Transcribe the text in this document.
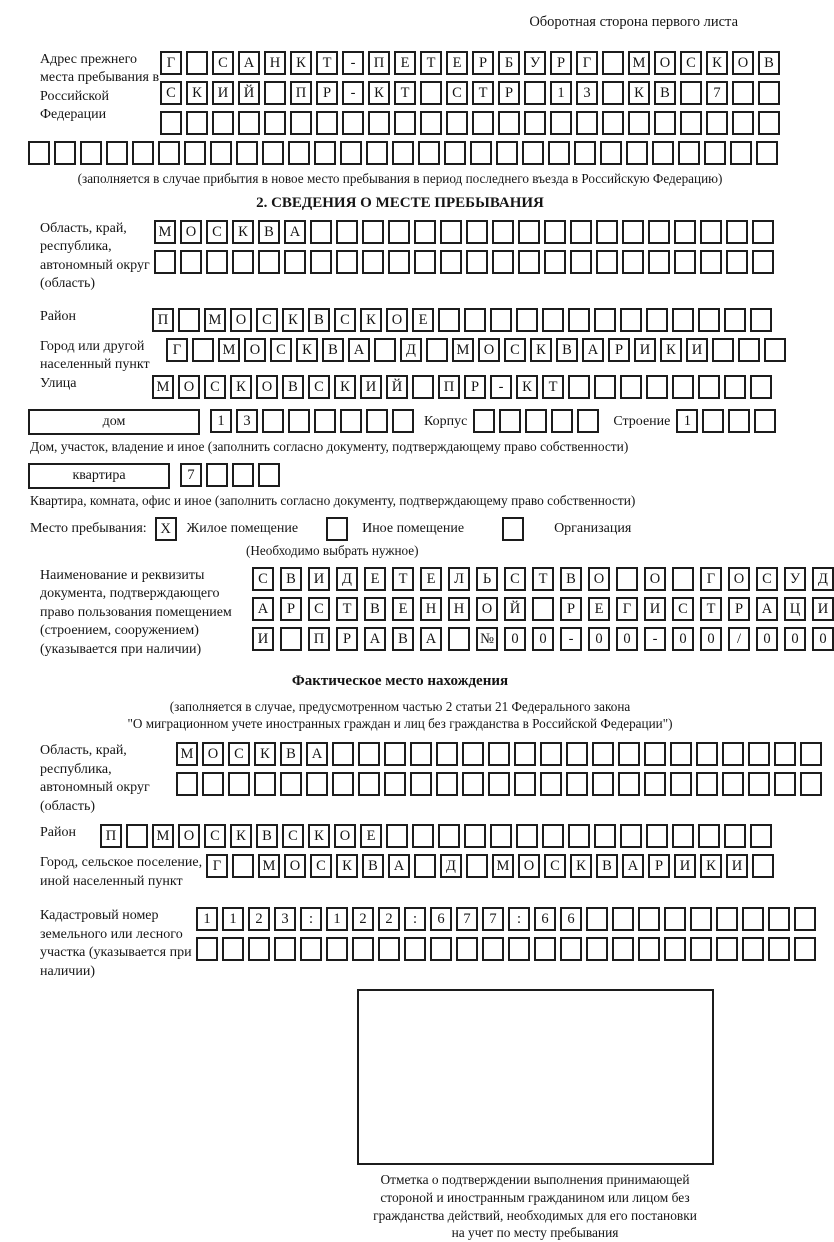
Оборотная сторона первого листа
Адрес прежнего места пребывания в Российской Федерации
Г	С	А	Н	К	Т	-	П	Е	Т	Е	Р	Б	У	Р	Г	М О	С	К	О	В
С	К	И	Й	П	Р	-	К	Т	С	Т	Р	1	3	К	В	7
(заполняется в случае прибытия в новое место пребывания в период последнего въезда в Российскую Федерацию)
2. СВЕДЕНИЯ О МЕСТЕ ПРЕБЫВАНИЯ
Область, край, республика, автономный округ (область)
М О	С	К	В	А
Район	П	М О	С	К	В	С	К	О	Е
Город или другой населенный пункт
Г	М О	С	К	В	А	Д	М О	С	К	В	А	Р	И	К	И
Улица	М О	С	К	О	В	С	К	И	Й	П	Р	-	К	Т
дом	1	3	Корпус	Строение 1
Дом, участок, владение и иное (заполнить согласно документу, подтверждающему право собственности)
квартира	7
Квартира, комната, офис и иное (заполнить согласно документу, подтверждающему право собственности)
Место пребывания: X	Жилое помещение	Иное помещение	Организация
(Необходимо выбрать нужное)
Наименование и реквизиты документа, подтверждающего право пользования помещением (строением, сооружением) (указывается при наличии)
С	В	И	Д	Е	Т	Е	Л	Ь	С	Т	В	О	О	Г	О	С	У	Д
А	Р	С	Т	В	Е	Н	Н	О	Й	Р	Е	Г	И	С	Т	Р	А	Ц	И
И	П	Р	А	В	А	№	0	0	-	0	0	-	0	0	/	0	0	0
Фактическое место нахождения
(заполняется в случае, предусмотренном частью 2 статьи 21 Федерального закона
"О миграционном учете иностранных граждан и лиц без гражданства в Российской Федерации")
Область, край, республика, автономный округ (область)
М О	С	К	В	А
Район	П	М О	С	К	В	С	К	О	Е
Город, сельское поселение, иной населенный пункт
Г	М О	С	К	В	А	Д	М О	С	К	В	А	Р	И	К	И
Кадастровый номер земельного или лесного участка (указывается при наличии)
1	1	2	3	:	1	2	2	:	6	7	7	:	6	6
Отметка о подтверждении выполнения принимающей
стороной и иностранным гражданином или лицом без
гражданства действий, необходимых для его постановки
на учет по месту пребывания
